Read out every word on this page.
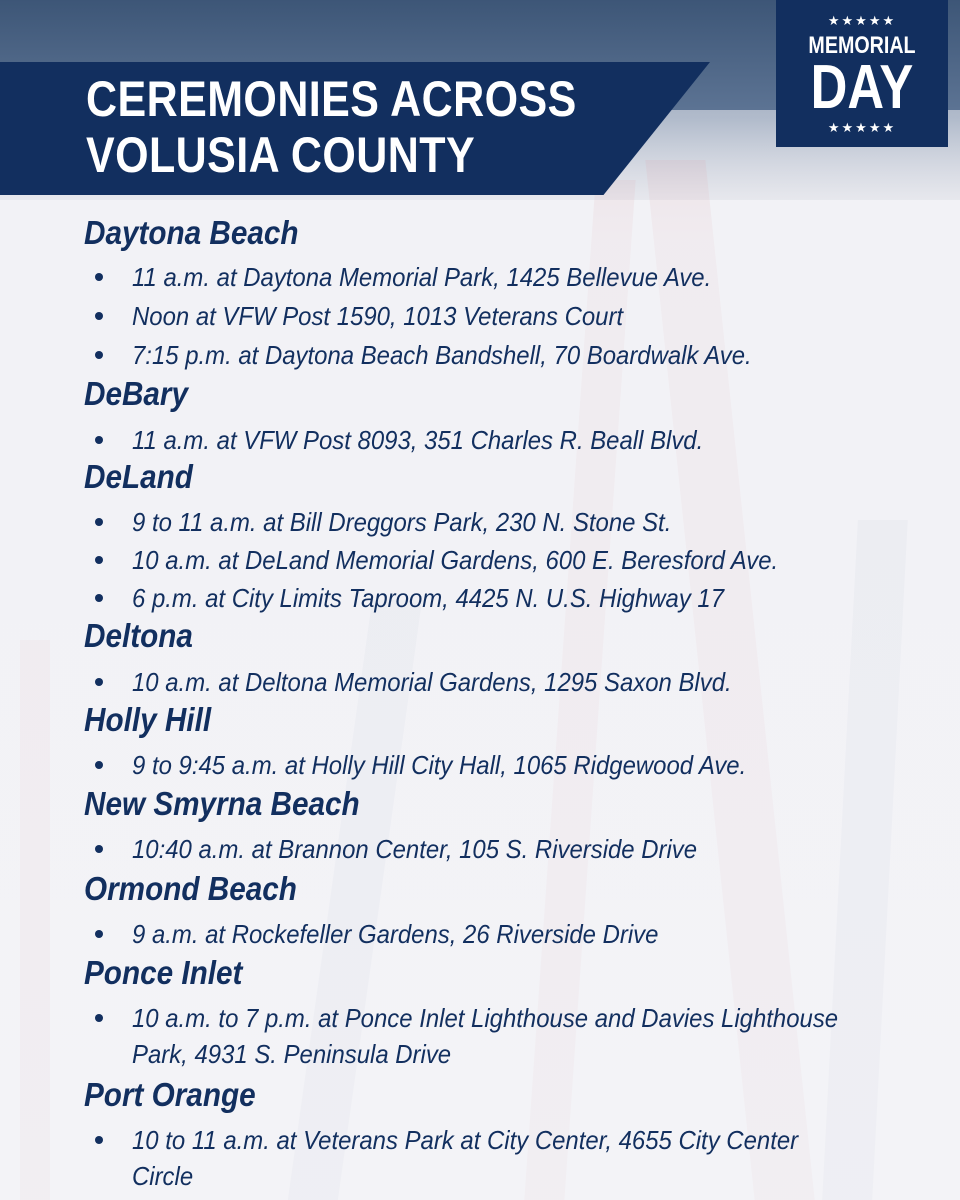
CEREMONIES ACROSS
VOLUSIA COUNTY
★★★★★
MEMORIAL
DAY
★★★★★
Daytona Beach
11 a.m. at Daytona Memorial Park, 1425 Bellevue Ave.
Noon at VFW Post 1590, 1013 Veterans Court
7:15 p.m. at Daytona Beach Bandshell, 70 Boardwalk Ave.
DeBary
11 a.m. at VFW Post 8093, 351 Charles R. Beall Blvd.
DeLand
9 to 11 a.m. at Bill Dreggors Park, 230 N. Stone St.
10 a.m. at DeLand Memorial Gardens, 600 E. Beresford Ave.
6 p.m. at City Limits Taproom, 4425 N. U.S. Highway 17
Deltona
10 a.m. at Deltona Memorial Gardens, 1295 Saxon Blvd.
Holly Hill
9 to 9:45 a.m. at Holly Hill City Hall, 1065 Ridgewood Ave.
New Smyrna Beach
10:40 a.m. at Brannon Center, 105 S. Riverside Drive
Ormond Beach
9 a.m. at Rockefeller Gardens, 26 Riverside Drive
Ponce Inlet
10 a.m. to 7 p.m. at Ponce Inlet Lighthouse and Davies Lighthouse
Park, 4931 S. Peninsula Drive
Port Orange
10 to 11 a.m. at Veterans Park at City Center, 4655 City Center Circle
